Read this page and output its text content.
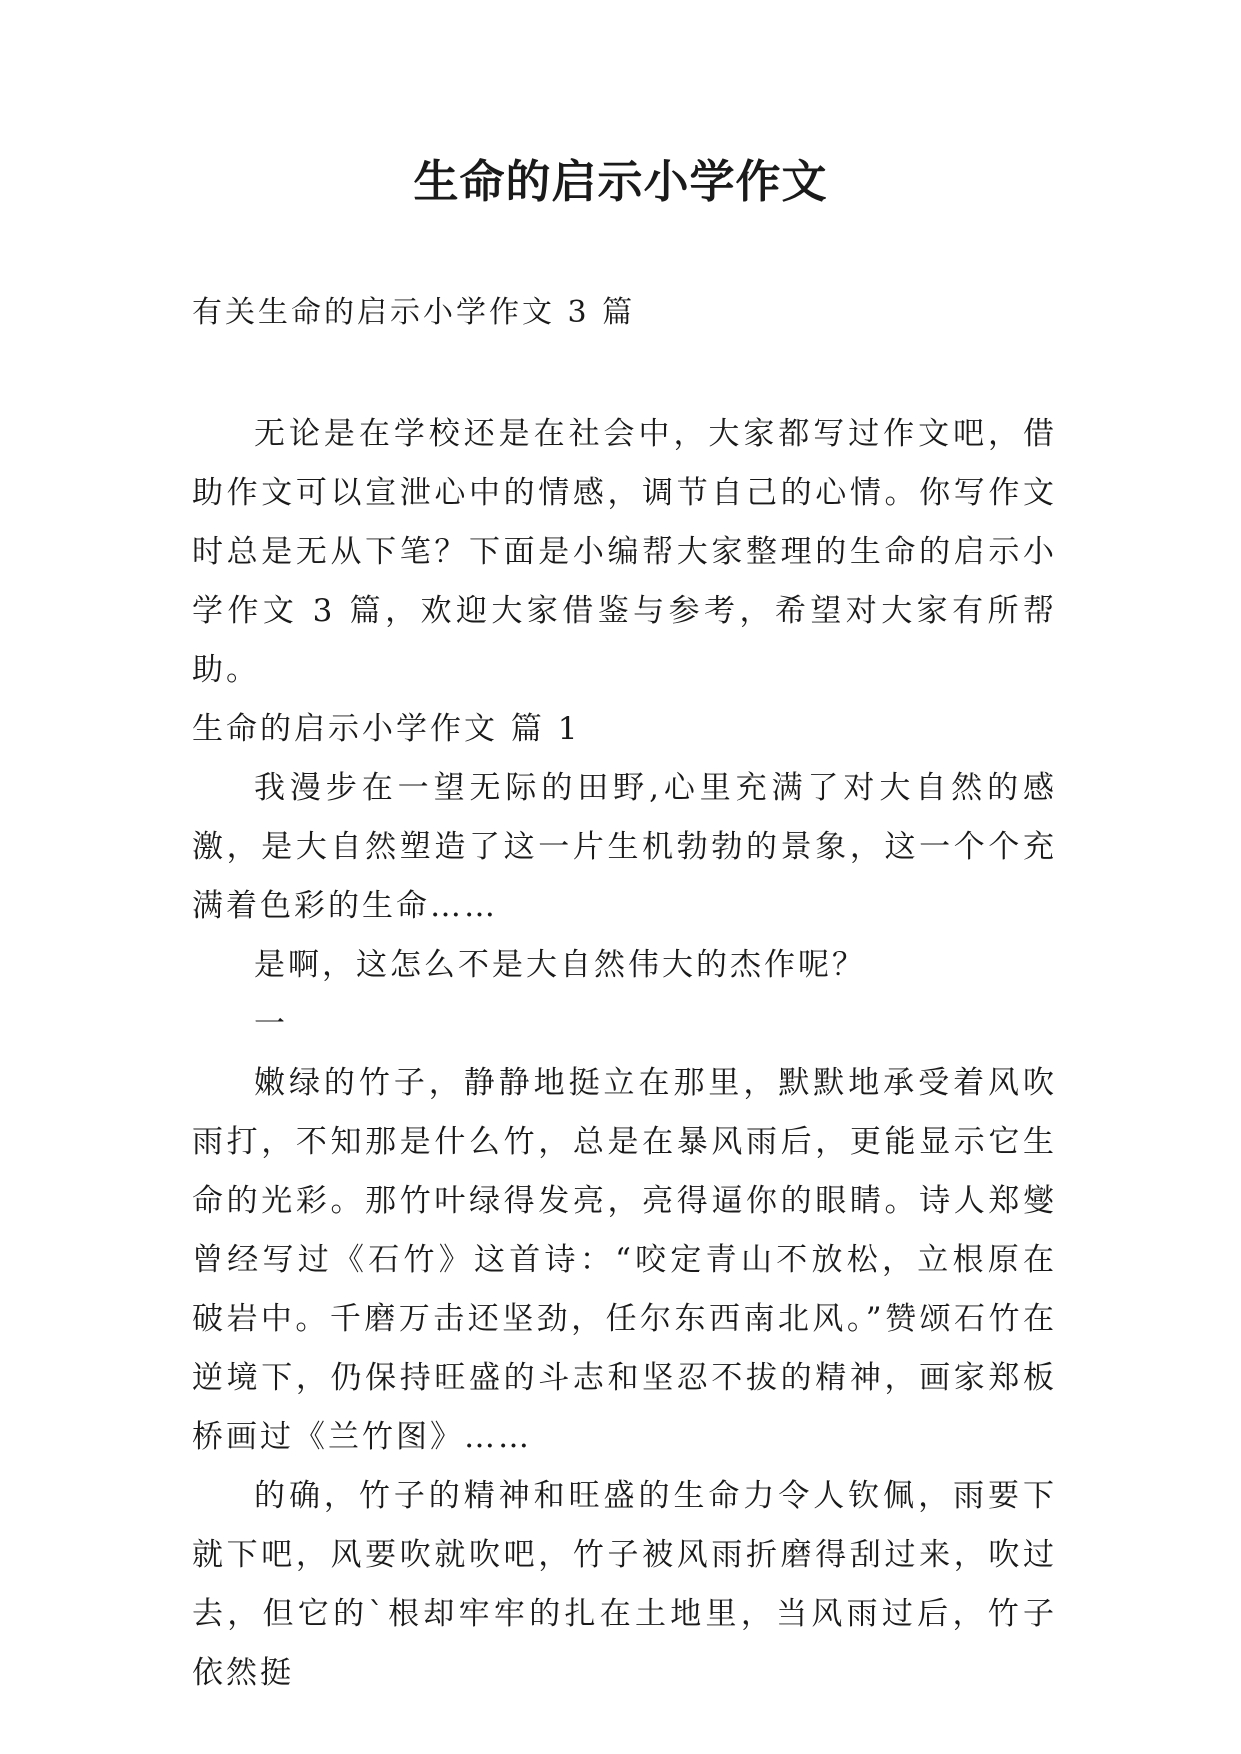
生命的启示小学作文
有关生命的启示小学作文 3 篇

无论是在学校还是在社会中，大家都写过作文吧，借助作文可以宣泄心中的情感，调节自己的心情。你写作文时总是无从下笔？下面是小编帮大家整理的生命的启示小学作文 3 篇，欢迎大家借鉴与参考，希望对大家有所帮助。

生命的启示小学作文 篇 1

我漫步在一望无际的田野,心里充满了对大自然的感激，是大自然塑造了这一片生机勃勃的景象，这一个个充满着色彩的生命……

是啊，这怎么不是大自然伟大的杰作呢？

一

嫩绿的竹子，静静地挺立在那里，默默地承受着风吹雨打，不知那是什么竹，总是在暴风雨后，更能显示它生命的光彩。那竹叶绿得发亮，亮得逼你的眼睛。诗人郑燮曾经写过《石竹》这首诗：“咬定青山不放松，立根原在破岩中。千磨万击还坚劲，任尔东西南北风。”赞颂石竹在逆境下，仍保持旺盛的斗志和坚忍不拔的精神，画家郑板桥画过《兰竹图》……

的确，竹子的精神和旺盛的生命力令人钦佩，雨要下就下吧，风要吹就吹吧，竹子被风雨折磨得刮过来，吹过去，但它的`根却牢牢的扎在土地里，当风雨过后，竹子依然挺
